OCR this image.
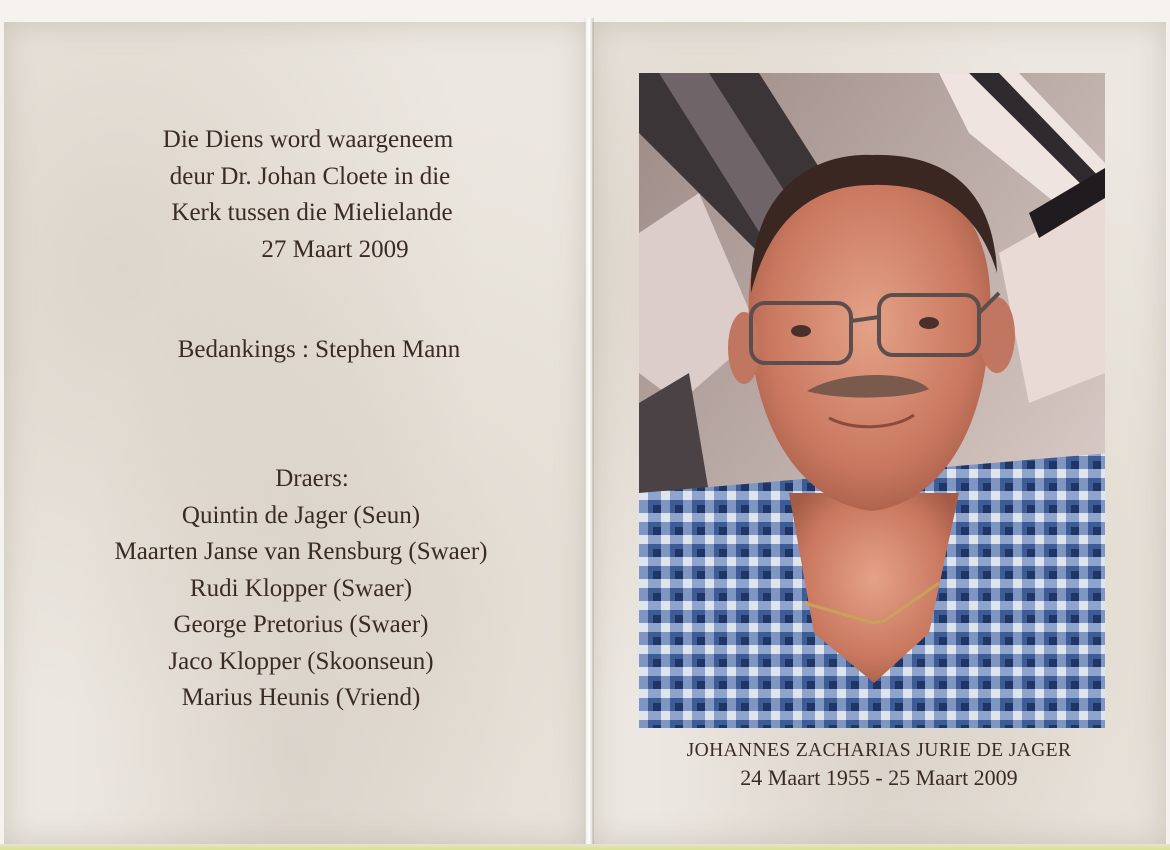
Die Diens word waargeneem

deur Dr. Johan Cloete in die

Kerk tussen die Mielielande

27 Maart 2009

Bedankings : Stephen Mann

Draers:

Quintin de Jager (Seun)

Maarten Janse van Rensburg (Swaer)

Rudi Klopper (Swaer)

George Pretorius (Swaer)

Jaco Klopper (Skoonseun)

Marius Heunis (Vriend)

JOHANNES ZACHARIAS JURIE DE JAGER
24 Maart 1955 - 25 Maart 2009
